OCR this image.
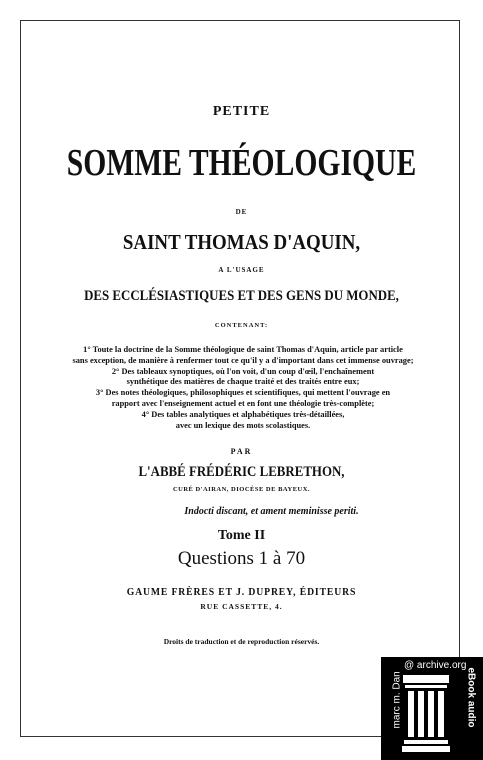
PETITE
SOMME THÉOLOGIQUE
DE
SAINT THOMAS D'AQUIN,
A L'USAGE
DES ECCLÉSIASTIQUES ET DES GENS DU MONDE,
CONTENANT:
1° Toute la doctrine de la Somme théologique de saint Thomas d'Aquin, article par article
sans exception, de manière à renfermer tout ce qu'il y a d'important dans cet immense ouvrage;
2° Des tableaux synoptiques, où l'on voit, d'un coup d'œil, l'enchaînement
synthétique des matières de chaque traité et des traités entre eux;
3° Des notes théologiques, philosophiques et scientifiques, qui mettent l'ouvrage en
rapport avec l'enseignement actuel et en font une théologie très-complète;
4° Des tables analytiques et alphabétiques très-détaillées,
avec un lexique des mots scolastiques.
PAR
L'ABBÉ FRÉDÉRIC LEBRETHON,
CURÉ D'AIRAN, DIOCÈSE DE BAYEUX.
Indocti discant, et ament meminisse periti.
Tome II
Questions 1 à 70
GAUME FRÈRES ET J. DUPREY, ÉDITEURS
RUE CASSETTE, 4.
Droits de traduction et de reproduction réservés.
marc m. Dan
@ archive.org
eBook audio
